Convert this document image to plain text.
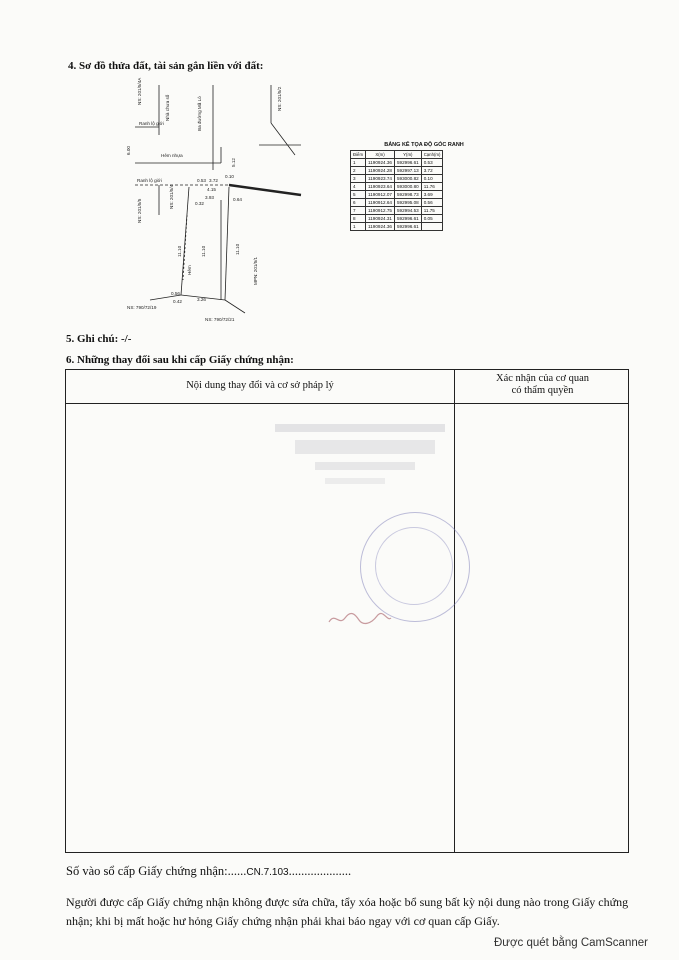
4. Sơ đồ thửa đất, tài sản gắn liền với đất:
NS: 201/5/4A
Nhà chưa số	Ba đường Mã Lò	NS: 201/5/2
Ranh lộ giới
Hẻm nhựa
6.00
5.12
Ranh lộ giới	0.53 3.72
0.10
4.15
3.93
0.32
0.64
NS: 201/5/5
NS: 201/5/4
Hẻm
11.10	11.10	11.10
MPN: 201/5/1
0.56
3.26
0.42
NS: 790/72/19
NS: 790/72/21
BẢNG KÊ TỌA ĐỘ GÓC RANH
Điểm	X(m)	Y(m)	Cạnh(m)
1	1190924.36	592996.61	0.53
2	1190924.28	592997.13	3.72
3	1190923.74	593000.82	0.10
4	1190923.64	593000.80	11.76
5	1190912.07	592998.73	3.69
6	1190912.64	592995.08	0.56
7	1190912.75	592994.53	11.75
8	1190924.31	592996.61	0.05
1	1190924.36	592996.61	
5. Ghi chú: -/-
6. Những thay đổi sau khi cấp Giấy chứng nhận:
Nội dung thay đổi và cơ sở pháp lý
Xác nhận của cơ quan
có thẩm quyền
Số vào sổ cấp Giấy chứng nhận:......CN.7.103....................
Người được cấp Giấy chứng nhận không được sửa chữa, tẩy xóa hoặc bổ sung bất kỳ nội dung nào trong Giấy chứng nhận; khi bị mất hoặc hư hỏng Giấy chứng nhận phải khai báo ngay với cơ quan cấp Giấy.
Được quét bằng CamScanner
